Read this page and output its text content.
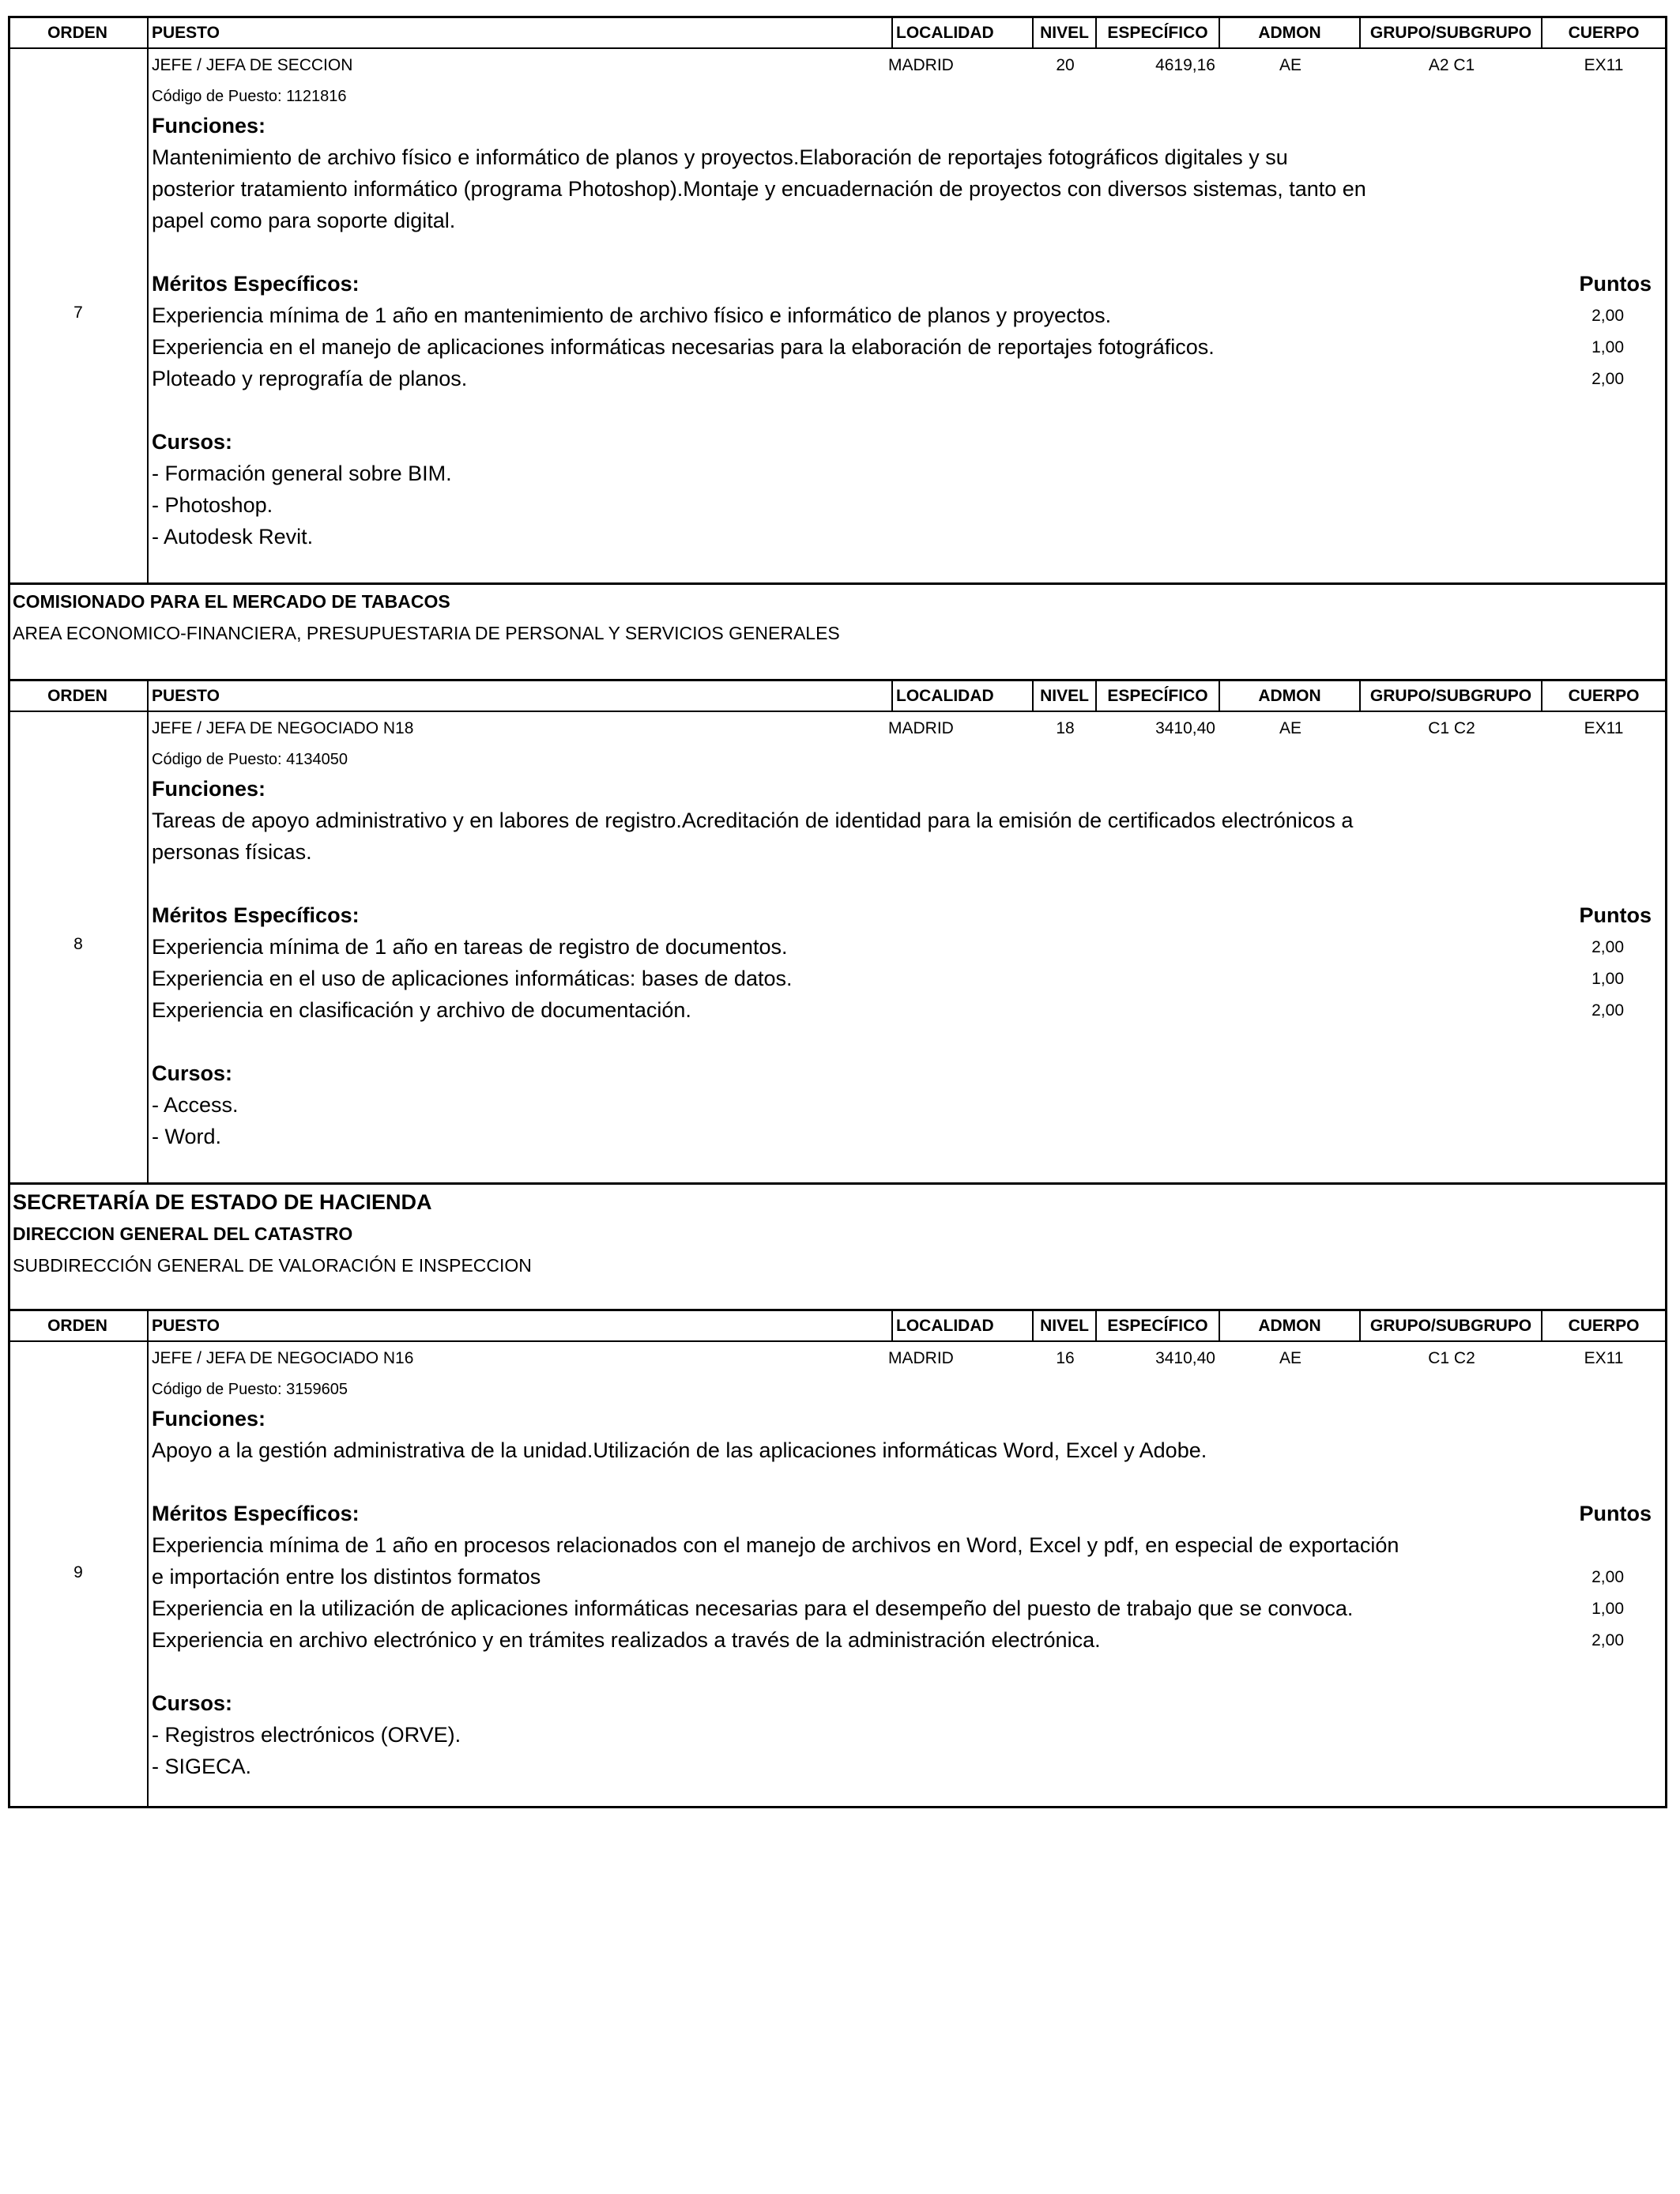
ORDEN	PUESTO	LOCALIDAD	NIVEL	ESPECÍFICO	ADMON	GRUPO/SUBGRUPO	CUERPO
7
JEFE / JEFA DE SECCION	MADRID	20	4619,16	AE	A2 C1	EX11
Código de Puesto: 1121816
Funciones:
Mantenimiento de archivo físico e informático de planos y proyectos.Elaboración de reportajes fotográficos digitales y su
posterior tratamiento informático (programa Photoshop).Montaje y encuadernación de proyectos con diversos sistemas, tanto en
papel como para soporte digital.
Méritos Específicos:	Puntos
Experiencia mínima de 1 año en mantenimiento de archivo físico e informático de planos y proyectos.	2,00
Experiencia en el manejo de aplicaciones informáticas necesarias para la elaboración de reportajes fotográficos.	1,00
Ploteado y reprografía de planos.	2,00
Cursos:
- Formación general sobre BIM.
- Photoshop.
- Autodesk Revit.
COMISIONADO PARA EL MERCADO DE TABACOS
AREA ECONOMICO-FINANCIERA, PRESUPUESTARIA DE PERSONAL Y SERVICIOS GENERALES
ORDEN	PUESTO	LOCALIDAD	NIVEL	ESPECÍFICO	ADMON	GRUPO/SUBGRUPO	CUERPO
8
JEFE / JEFA DE NEGOCIADO N18	MADRID	18	3410,40	AE	C1 C2	EX11
Código de Puesto: 4134050
Funciones:
Tareas de apoyo administrativo y en labores de registro.Acreditación de identidad para la emisión de certificados electrónicos a
personas físicas.
Méritos Específicos:	Puntos
Experiencia mínima de 1 año en tareas de registro de documentos.	2,00
Experiencia en el uso de aplicaciones informáticas: bases de datos.	1,00
Experiencia en clasificación y archivo de documentación.	2,00
Cursos:
- Access.
- Word.
SECRETARÍA DE ESTADO DE HACIENDA
DIRECCION GENERAL DEL CATASTRO
SUBDIRECCIÓN GENERAL DE VALORACIÓN E INSPECCION
ORDEN	PUESTO	LOCALIDAD	NIVEL	ESPECÍFICO	ADMON	GRUPO/SUBGRUPO	CUERPO
9
JEFE / JEFA DE NEGOCIADO N16	MADRID	16	3410,40	AE	C1 C2	EX11
Código de Puesto: 3159605
Funciones:
Apoyo a la gestión administrativa de la unidad.Utilización de las aplicaciones informáticas Word, Excel y Adobe.
Méritos Específicos:	Puntos
Experiencia mínima de 1 año en procesos relacionados con el manejo de archivos en Word, Excel y pdf, en especial de exportación
e importación entre los distintos formatos	2,00
Experiencia en la utilización de aplicaciones informáticas necesarias para el desempeño del puesto de trabajo que se convoca.	1,00
Experiencia en archivo electrónico y en trámites realizados a través de la administración electrónica.	2,00
Cursos:
- Registros electrónicos (ORVE).
- SIGECA.
